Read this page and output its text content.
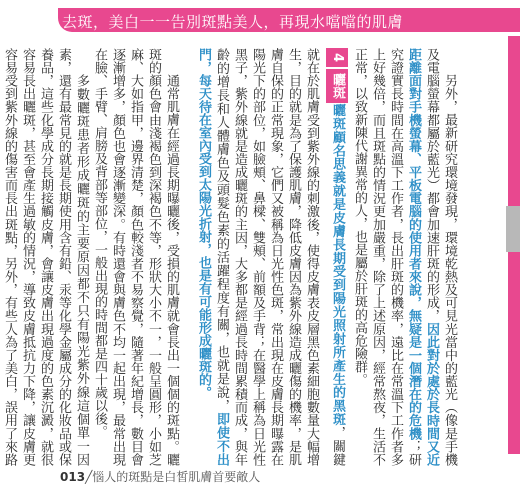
去斑，美白一一告別斑點美人，再現水噹噹的肌膚

另外，最新研究環境發現，環境乾熱及可見光當中的藍光（像是手機及電腦螢幕都屬於藍光）都會加速肝斑的形成，因此對於處於長時間又近距離面對手機螢幕、平板電腦的使用者來說，無疑是一個潛在的危機；研究證實長時間在高溫下工作者，長出肝斑的機率，遠比在常溫下工作者多上好幾倍，而且斑點的情況更加嚴重，除了上述原因，經常熬夜，生活不正常，以致新陳代謝異常的人，也是屬於肝斑的高危險群。

4曬斑曬斑顧名思義就是皮膚長期受到陽光照射所產生的黑斑，關鍵就在於肌膚受到紫外線的刺激後，使得皮膚表皮層黑色素細胞數量大幅增生，目的就是為了保護肌膚，降低皮膚因為紫外線造成曬傷的機率，是肌膚自保的正常現象，它們又被稱為日光性色斑，常出現在皮膚長期曝露在陽光下的部位，如臉頰、鼻樑、雙頰、前額及手背；在醫學上稱為日光性黑子，紫外線就是造成曬斑的主因，大多都是經過長時間累積而成，與年齡的增長和人體膚色及頭髮色素的活躍程度有關，也就是說，即使不出門，每天待在室內受到太陽光折射，也是有可能形成曬斑的。

通常肌膚在經過長期曝曬後，受損的肌膚就會長出一個個的斑點。曬斑的顏色會由淺褐色到深褐色不等，形狀大小不一，一般呈圓形，小如芝麻、大如指甲，邊界清楚，顏色較淺者不易察覺，隨著年紀增長，數目會逐漸增多，顏色也會逐漸變深。有時還會與膚色不均一起出現，最常出現在臉、手臂、肩膀及背部等部位，一般出現的時間都是四十歲以後。

多數曬斑患者形成曬斑的主要原因都不只有陽光紫外線這個單一因素，還有最常見的就是長期使用含有鉛、汞等化學金屬成分的化妝品或保養品，這些化學成分長期接觸皮膚，會讓皮膚出現過度的色素沉澱，就很容易長出曬斑，甚至會產生過敏的情況，導致皮膚抵抗力下降，讓皮膚更容易受到紫外線的傷害而長出斑點，另外，有些人為了美白，誤用了來路

013╱惱人的斑點是白皙肌膚首要敵人
